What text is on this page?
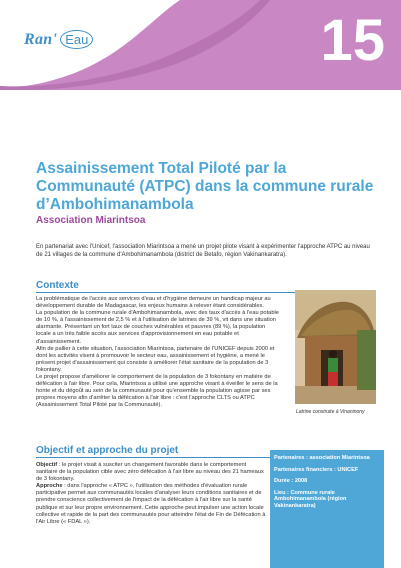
Ran' Eau	15
Assainissement Total Piloté par la Communauté (ATPC) dans la commune rurale d’Ambohimanambola
Association Miarintsoa

En partenariat avec l'Unicef, l'association Miarintsoa a mené un projet pilote visant à expérimenter l'approche ATPC au niveau de 21 villages de la commune d'Ambohimanambola (district de Betafo, région Vakinankaratra).

Contexte

La problématique de l'accès aux services d'eau et d'hygiène demeure un handicap majeur au développement durable de Madagascar, les enjeux humains à relever étant considérables.

La population de la commune rurale d'Ambohimanambola, avec des taux d'accès à l'eau potable de 10 %, à l'assainissement de 2,5 % et à l'utilisation de latrines de 39 %, vit dans une situation alarmante. Présentant un fort taux de couches vulnérables et pauvres (89 %), la population locale a un très faible accès aux services d'approvisionnement en eau potable et d'assainissement.

Afin de pallier à cette situation, l'association Miarintsoa, partenaire de l'UNICEF depuis 2000 et dont les activités visent à promouvoir le secteur eau, assainissement et hygiène, a mené le présent projet d'assainissement qui consiste à améliorer l'état sanitaire de la population de 3 fokontany.

Le projet propose d'améliorer le comportement de la population de 3 fokontany en matière de défécation à l'air libre. Pour cela, Miarintsoa a utilisé une approche visant à éveiller le sens de la honte et du dégoût au sein de la communauté pour qu'ensemble la population agisse par ses propres moyens afin d'arrêter la défécation à l'air libre : c'est l'approche CLTS ou ATPC (Assainissement Total Piloté par la Communauté).

Latrine construite à Vinaninony

Objectif et approche du projet

Objectif : le projet visait à susciter un changement favorable dans le comportement sanitaire de la population cible avec zéro défécation à l'air libre au niveau des 21 hameaux de 3 fokontany.

Approche : dans l'approche « ATPC », l'utilisation des méthodes d'évaluation rurale participative permet aux communautés locales d'analyser leurs conditions sanitaires et de prendre conscience collectivement de l'impact de la défécation à l'air libre sur la santé publique et sur leur propre environnement. Cette approche peut impulser une action locale collective et rapide de la part des communautés pour atteindre l'état de Fin de Défécation à l'Air Libre (« FDAL »).

Partenaires : association Miarintsoa

Partenaires financiers : UNICEF

Durée : 2008

Lieu : Commune rurale Ambohimanambola (région Vakinankaratra)
